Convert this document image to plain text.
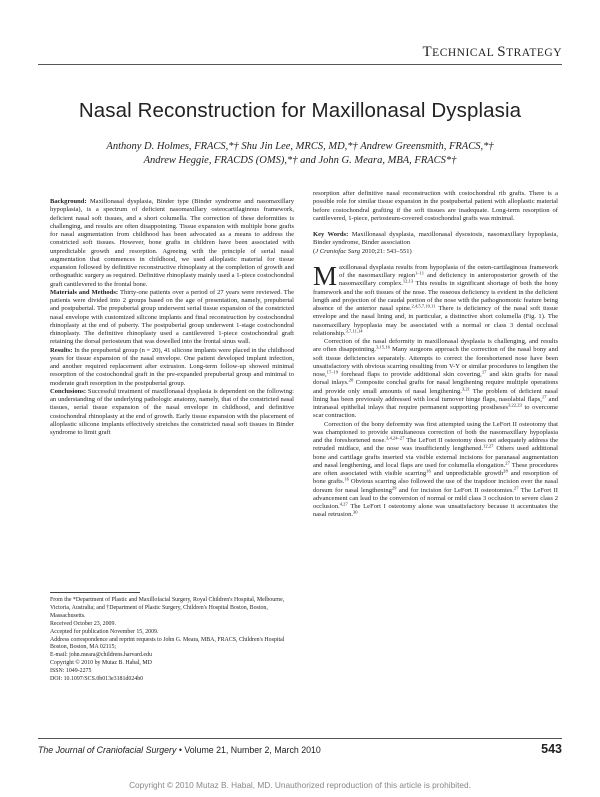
TECHNICAL STRATEGY
Nasal Reconstruction for Maxillonasal Dysplasia
Anthony D. Holmes, FRACS,*† Shu Jin Lee, MRCS, MD,*† Andrew Greensmith, FRACS,*†
Andrew Heggie, FRACDS (OMS),*† and John G. Meara, MBA, FRACS*†

Background: Maxillonasal dysplasia, Binder type (Binder syndrome and nasomaxillary hypoplasia), is a spectrum of deficient nasomaxillary osteocartilaginous framework, deficient nasal soft tissues, and a short columella. The correction of these deformities is challenging, and results are often disappointing. Tissue expansion with multiple bone grafts for nasal augmentation from childhood has been advocated as a means to address the constricted soft tissues. However, bone grafts in children have been associated with unpredictable growth and resorption. Agreeing with the principle of serial nasal augmentation that commences in childhood, we used alloplastic material for tissue expansion followed by definitive reconstructive rhinoplasty at the completion of growth and orthognathic surgery as required. Definitive rhinoplasty mainly used a 1-piece costochondral graft cantilevered to the frontal bone.

Materials and Methods: Thirty-one patients over a period of 27 years were reviewed. The patients were divided into 2 groups based on the age of presentation, namely, prepubertal and postpubertal. The prepubertal group underwent serial tissue expansion of the constricted nasal envelope with customized silicone implants and final reconstruction by costochondral rhinoplasty at the end of puberty. The postpubertal group underwent 1-stage costochondral rhinoplasty. The definitive rhinoplasty used a cantilevered 1-piece costochondral graft retaining the dorsal periosteum that was dowelled into the frontal sinus wall.

Results: In the prepubertal group (n = 20), 41 silicone implants were placed in the childhood years for tissue expansion of the nasal envelope. One patient developed implant infection, and another required replacement after extrusion. Long-term follow-up showed minimal resorption of the costochondral graft in the pre-expanded prepubertal group and minimal to moderate graft resorption in the postpubertal group.

Conclusions: Successful treatment of maxillonasal dysplasia is dependent on the following: an understanding of the underlying pathologic anatomy, namely, that of the constricted nasal tissues, serial tissue expansion of the nasal envelope in childhood, and definitive costochondral rhinoplasty at the end of growth. Early tissue expansion with the placement of alloplastic silicone implants effectively stretches the constricted nasal soft tissues in Binder syndrome to limit graft

From the *Department of Plastic and Maxillofacial Surgery, Royal Children's Hospital, Melbourne, Victoria, Australia; and †Department of Plastic Surgery, Children's Hospital Boston, Boston, Massachusetts.
Received October 23, 2009.
Accepted for publication November 15, 2009.
Address correspondence and reprint requests to John G. Meara, MBA, FRACS, Children's Hospital Boston, Boston, MA 02115;
E-mail: john.meara@childrens.harvard.edu
Copyright © 2010 by Mutaz B. Habal, MD
ISSN: 1049-2275
DOI: 10.1097/SCS.0b013e3181d024b0

resorption after definitive nasal reconstruction with costochondral rib grafts. There is a possible role for similar tissue expansion in the postpubertal patient with alloplastic material before costochondral grafting if the soft tissues are inadequate. Long-term resorption of cantilevered, 1-piece, periosteum-covered costochondral grafts was minimal.

Key Words: Maxillonasal dysplasia, maxillonasal dysostosis, nasomaxillary hypoplasia, Binder syndrome, Binder association

(J Craniofac Surg 2010;21: 543–551)

Maxillonasal dysplasia results from hypoplasia of the osten-cartilaginous framework of the nasomaxillary region$^{1-11}$ and deficiency in anteroposterior growth of the nasomaxillary complex.$^{12,13}$ This results in significant shortage of both the bony framework and the soft tissues of the nose. The osseous deficiency is evident in the deficient length and projection of the caudal portion of the nose with the pathognomonic feature being absence of the anterior nasal spine.$^{2,4,5,7,10,11}$ There is deficiency of the nasal soft tissue envelope and the nasal lining and, in particular, a distinctive short columella (Fig. 1). The nasomaxillary hypoplasia may be associated with a normal or class 3 dental occlusal relationship.$^{3,7,11,14}$

Correction of the nasal deformity in maxillonasal dysplasia is challenging, and results are often disappointing.$^{3,15,16}$ Many surgeons approach the correction of the nasal bony and soft tissue deficiencies separately. Attempts to correct the foreshortened nose have been unsatisfactory with obvious scarring resulting from V-Y or similar procedures to lengthen the nose,$^{17-19}$ forehead flaps to provide additional skin covering,$^{17}$ and skin grafts for nasal dorsal inlays.$^{20}$ Composite conchal grafts for nasal lengthening require multiple operations and provide only small amounts of nasal lengthening.$^{3,21}$ The problem of deficient nasal lining has been previously addressed with local turnover hinge flaps, nasolabial flaps,$^{17}$ and intranasal epithelial inlays that require permanent supporting prostheses$^{3,22,23}$ to overcome scar contraction.

Correction of the bony deformity was first attempted using the LeFort II osteotomy that was championed to provide simultaneous correction of both the nasomaxillary hypoplasia and the foreshortened nose.$^{3,4,24-27}$ The LeFort II osteotomy does not adequately address the retruded midface, and the nose was insufficiently lengthened.$^{12,27}$ Others used additional bone and cartilage grafts inserted via visible external incisions for paranasal augmentation and nasal lengthening, and local flaps are used for columella elongation.$^{27}$ These procedures are often associated with visible scarring$^{16}$ and unpredictable growth$^{28}$ and resorption of bone grafts.$^{16}$ Obvious scarring also followed the use of the trapdoor incision over the nasal dorsum for nasal lengthening$^{29}$ and for incision for LeFort II osteotomies.$^{27}$ The LeFort II advancement can lead to the conversion of normal or mild class 3 occlusion to severe class 2 occlusion.$^{4,27}$ The LeFort I osteotomy alone was unsatisfactory because it accentuates the nasal retrusion.$^{30}$

The Journal of Craniofacial Surgery • Volume 21, Number 2, March 2010	543
Copyright © 2010 Mutaz B. Habal, MD. Unauthorized reproduction of this article is prohibited.
